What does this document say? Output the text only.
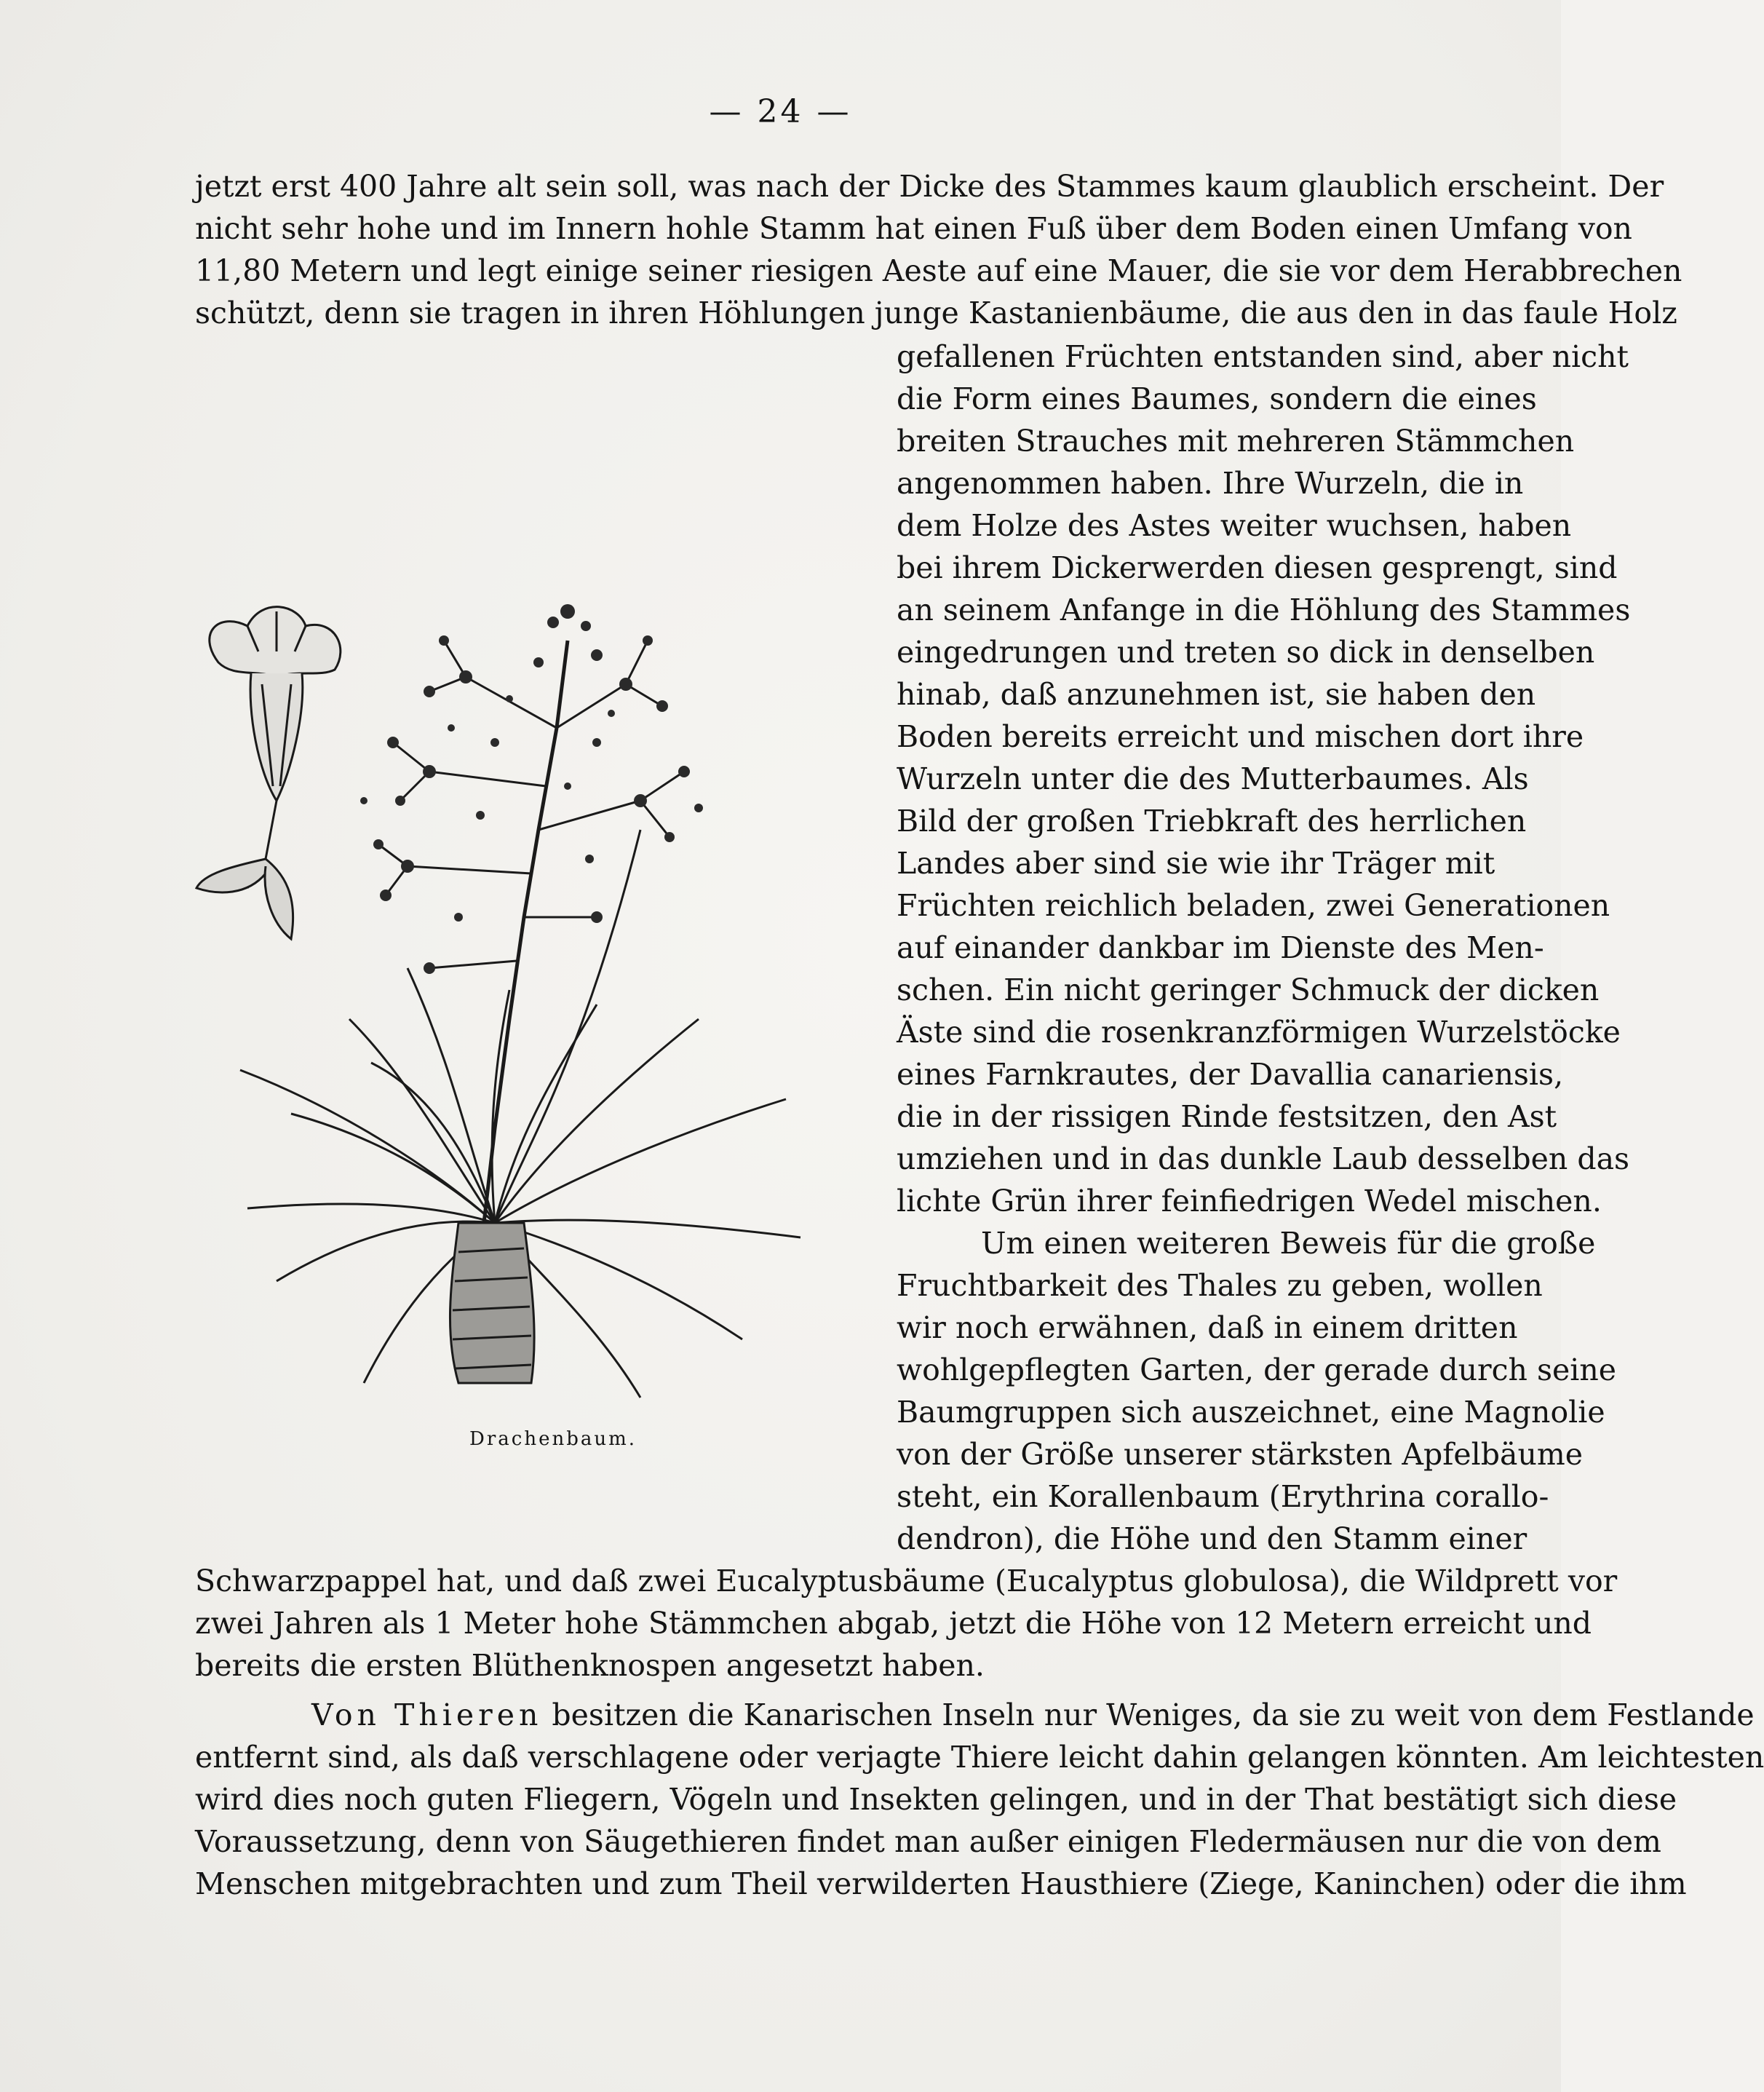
— 24 —
jetzt erst 400 Jahre alt sein soll, was nach der Dicke des Stammes kaum glaublich erscheint. Der
nicht sehr hohe und im Innern hohle Stamm hat einen Fuß über dem Boden einen Umfang von
11,80 Metern und legt einige seiner riesigen Aeste auf eine Mauer, die sie vor dem Herabbrechen
schützt, denn sie tragen in ihren Höhlungen junge Kastanienbäume, die aus den in das faule Holz
gefallenen Früchten entstanden sind, aber nicht
die Form eines Baumes, sondern die eines
breiten Strauches mit mehreren Stämmchen
angenommen haben. Ihre Wurzeln, die in
dem Holze des Astes weiter wuchsen, haben
bei ihrem Dickerwerden diesen gesprengt, sind
an seinem Anfange in die Höhlung des Stammes
eingedrungen und treten so dick in denselben
hinab, daß anzunehmen ist, sie haben den
Boden bereits erreicht und mischen dort ihre
Wurzeln unter die des Mutterbaumes. Als
Bild der großen Triebkraft des herrlichen
Landes aber sind sie wie ihr Träger mit
Früchten reichlich beladen, zwei Generationen
auf einander dankbar im Dienste des Men-
schen. Ein nicht geringer Schmuck der dicken
Äste sind die rosenkranzförmigen Wurzelstöcke
eines Farnkrautes, der Davallia canariensis,
die in der rissigen Rinde festsitzen, den Ast
umziehen und in das dunkle Laub desselben das
lichte Grün ihrer feinfiedrigen Wedel mischen.
Um einen weiteren Beweis für die große
Fruchtbarkeit des Thales zu geben, wollen
wir noch erwähnen, daß in einem dritten
wohlgepflegten Garten, der gerade durch seine
Baumgruppen sich auszeichnet, eine Magnolie
von der Größe unserer stärksten Apfelbäume
steht, ein Korallenbaum (Erythrina corallo-
dendron), die Höhe und den Stamm einer
Schwarzpappel hat, und daß zwei Eucalyptusbäume (Eucalyptus globulosa), die Wildprett vor
zwei Jahren als 1 Meter hohe Stämmchen abgab, jetzt die Höhe von 12 Metern erreicht und
bereits die ersten Blüthenknospen angesetzt haben.
Von Thieren besitzen die Kanarischen Inseln nur Weniges, da sie zu weit von dem Festlande
entfernt sind, als daß verschlagene oder verjagte Thiere leicht dahin gelangen könnten. Am leichtesten
wird dies noch guten Fliegern, Vögeln und Insekten gelingen, und in der That bestätigt sich diese
Voraussetzung, denn von Säugethieren findet man außer einigen Fledermäusen nur die von dem
Menschen mitgebrachten und zum Theil verwilderten Hausthiere (Ziege, Kaninchen) oder die ihm
Drachenbaum.
